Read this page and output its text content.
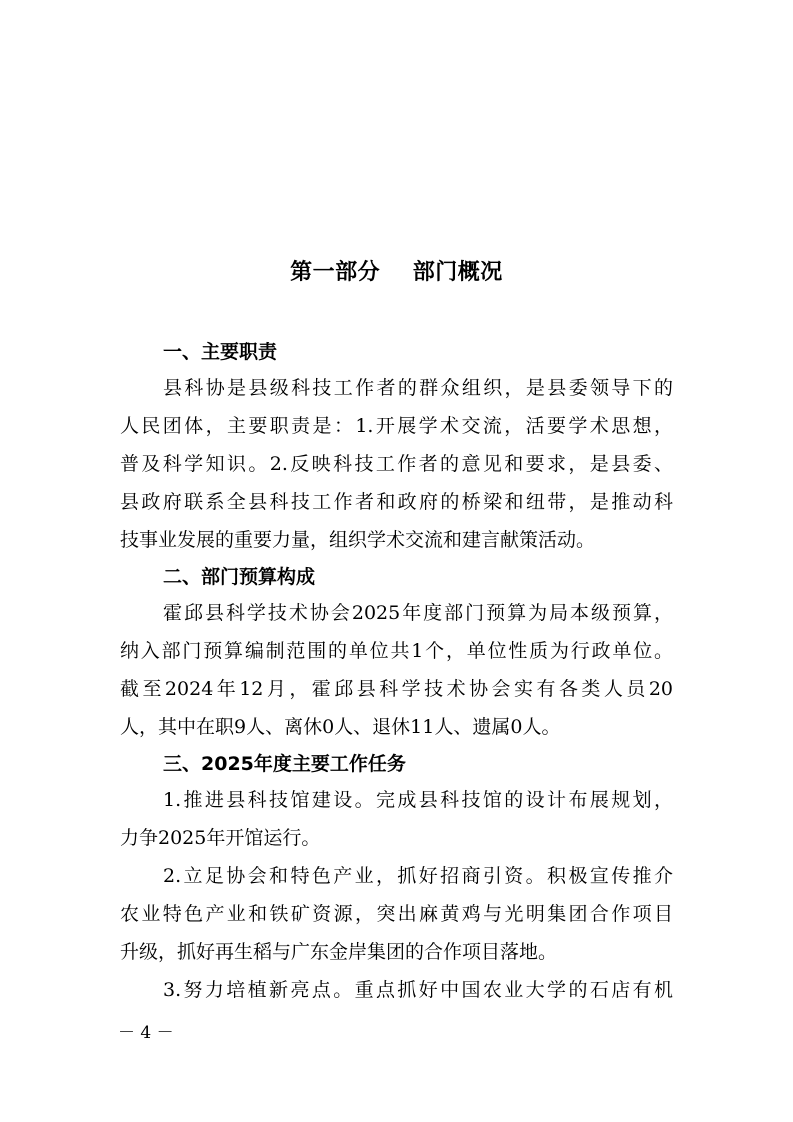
第一部分    部门概况
一、主要职责
县科协是县级科技工作者的群众组织，是县委领导下的
人民团体，主要职责是：1.开展学术交流，活要学术思想，
普及科学知识。2.反映科技工作者的意见和要求，是县委、
县政府联系全县科技工作者和政府的桥梁和纽带，是推动科
技事业发展的重要力量，组织学术交流和建言献策活动。
二、部门预算构成
霍邱县科学技术协会2025年度部门预算为局本级预算，
纳入部门预算编制范围的单位共1个，单位性质为行政单位。
截至2024年12月，霍邱县科学技术协会实有各类人员20
人，其中在职9人、离休0人、退休11人、遗属0人。
三、2025年度主要工作任务
1.推进县科技馆建设。完成县科技馆的设计布展规划，
力争2025年开馆运行。
2.立足协会和特色产业，抓好招商引资。积极宣传推介
农业特色产业和铁矿资源，突出麻黄鸡与光明集团合作项目
升级，抓好再生稻与广东金岸集团的合作项目落地。
3.努力培植新亮点。重点抓好中国农业大学的石店有机
－ 4 －
